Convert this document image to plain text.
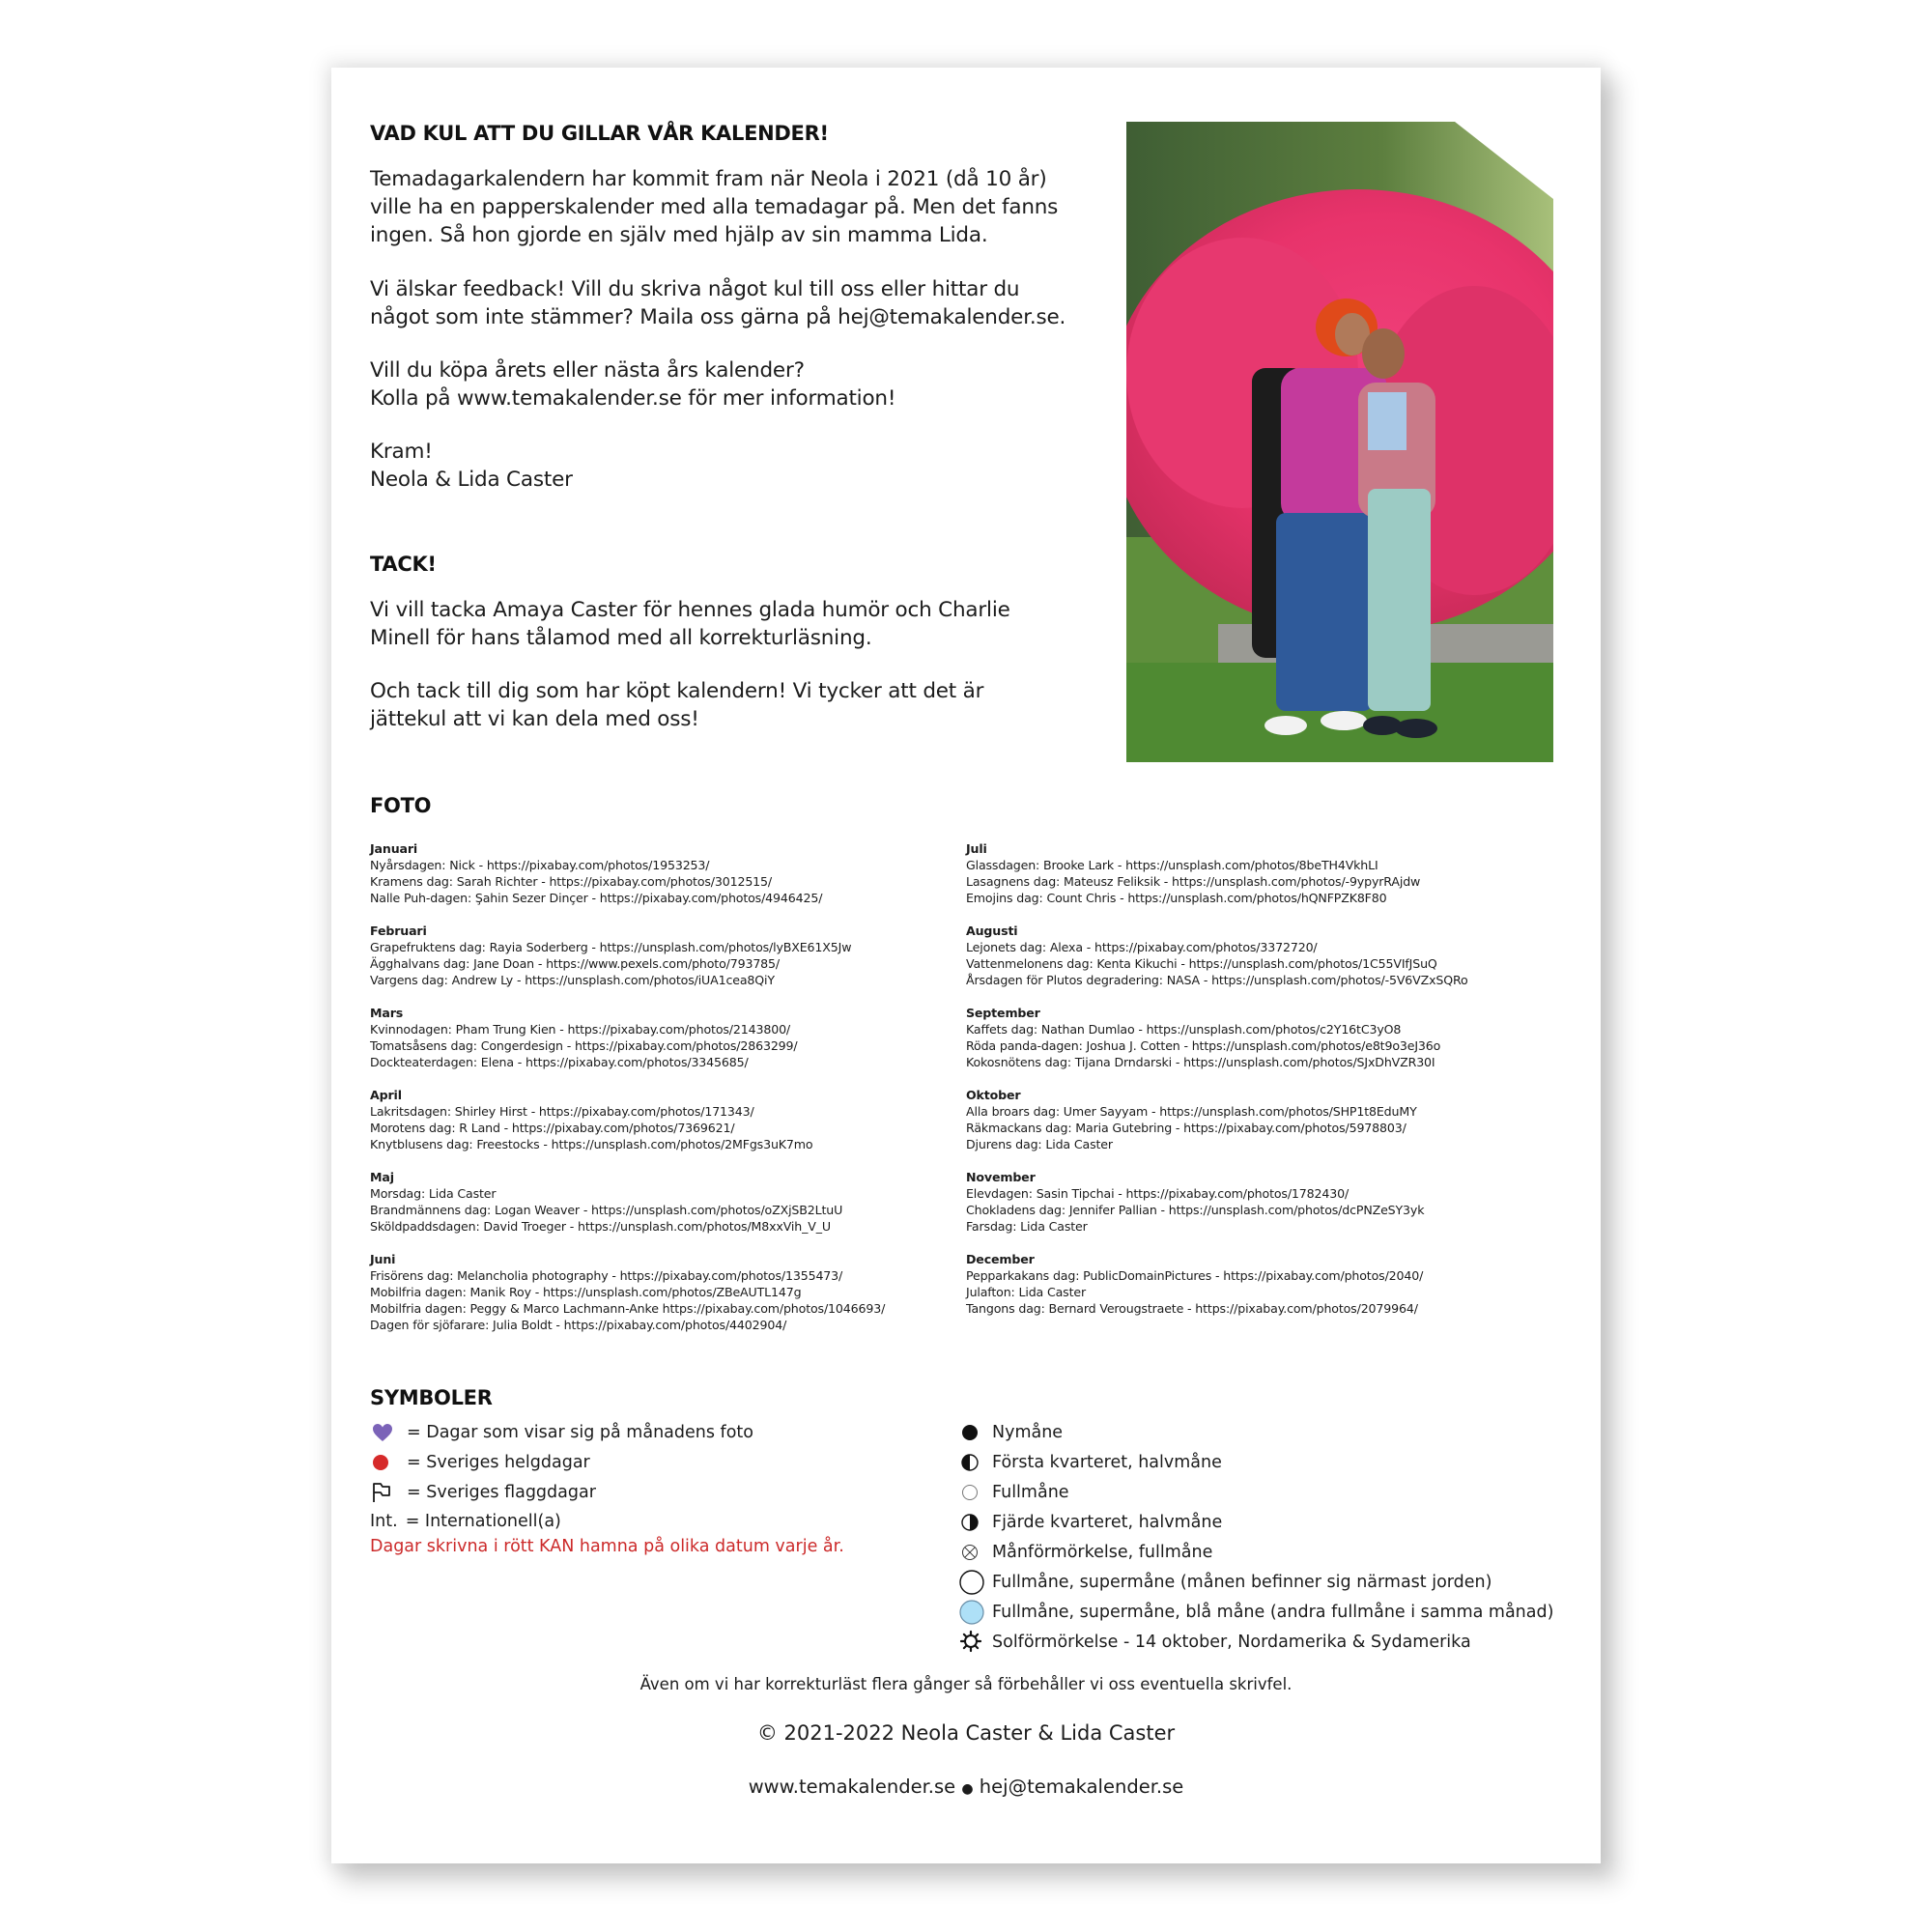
VAD KUL ATT DU GILLAR VÅR KALENDER!
Temadagarkalendern har kommit fram när Neola i 2021 (då 10 år)
ville ha en papperskalender med alla temadagar på. Men det fanns
ingen. Så hon gjorde en själv med hjälp av sin mamma Lida.
Vi älskar feedback! Vill du skriva något kul till oss eller hittar du
något som inte stämmer? Maila oss gärna på hej@temakalender.se.
Vill du köpa årets eller nästa års kalender?
Kolla på www.temakalender.se för mer information!
Kram!
Neola & Lida Caster
TACK!
Vi vill tacka Amaya Caster för hennes glada humör och Charlie
Minell för hans tålamod med all korrekturläsning.
Och tack till dig som har köpt kalendern! Vi tycker att det är
jättekul att vi kan dela med oss!
FOTO
Januari
Nyårsdagen: Nick - https://pixabay.com/photos/1953253/
Kramens dag: Sarah Richter - https://pixabay.com/photos/3012515/
Nalle Puh-dagen: Şahin Sezer Dinçer - https://pixabay.com/photos/4946425/
Februari
Grapefruktens dag: Rayia Soderberg - https://unsplash.com/photos/lyBXE61X5Jw
Ägghalvans dag: Jane Doan - https://www.pexels.com/photo/793785/
Vargens dag: Andrew Ly - https://unsplash.com/photos/iUA1cea8QiY
Mars
Kvinnodagen: Pham Trung Kien - https://pixabay.com/photos/2143800/
Tomatsåsens dag: Congerdesign - https://pixabay.com/photos/2863299/
Dockteaterdagen: Elena - https://pixabay.com/photos/3345685/
April
Lakritsdagen: Shirley Hirst - https://pixabay.com/photos/171343/
Morotens dag: R Land - https://pixabay.com/photos/7369621/
Knytblusens dag: Freestocks - https://unsplash.com/photos/2MFgs3uK7mo
Maj
Morsdag: Lida Caster
Brandmännens dag: Logan Weaver - https://unsplash.com/photos/oZXjSB2LtuU
Sköldpaddsdagen: David Troeger - https://unsplash.com/photos/M8xxVih_V_U
Juni
Frisörens dag: Melancholia photography - https://pixabay.com/photos/1355473/
Mobilfria dagen: Manik Roy - https://unsplash.com/photos/ZBeAUTL147g
Mobilfria dagen: Peggy & Marco Lachmann-Anke https://pixabay.com/photos/1046693/
Dagen för sjöfarare: Julia Boldt - https://pixabay.com/photos/4402904/
Juli
Glassdagen: Brooke Lark - https://unsplash.com/photos/8beTH4VkhLI
Lasagnens dag: Mateusz Feliksik - https://unsplash.com/photos/-9ypyrRAjdw
Emojins dag: Count Chris - https://unsplash.com/photos/hQNFPZK8F80
Augusti
Lejonets dag: Alexa - https://pixabay.com/photos/3372720/
Vattenmelonens dag: Kenta Kikuchi - https://unsplash.com/photos/1C55VIfJSuQ
Årsdagen för Plutos degradering: NASA - https://unsplash.com/photos/-5V6VZxSQRo
September
Kaffets dag: Nathan Dumlao - https://unsplash.com/photos/c2Y16tC3yO8
Röda panda-dagen: Joshua J. Cotten - https://unsplash.com/photos/e8t9o3eJ36o
Kokosnötens dag: Tijana Drndarski - https://unsplash.com/photos/SJxDhVZR30I
Oktober
Alla broars dag: Umer Sayyam - https://unsplash.com/photos/SHP1t8EduMY
Räkmackans dag: Maria Gutebring - https://pixabay.com/photos/5978803/
Djurens dag: Lida Caster
November
Elevdagen: Sasin Tipchai - https://pixabay.com/photos/1782430/
Chokladens dag: Jennifer Pallian - https://unsplash.com/photos/dcPNZeSY3yk
Farsdag: Lida Caster
December
Pepparkakans dag: PublicDomainPictures - https://pixabay.com/photos/2040/
Julafton: Lida Caster
Tangons dag: Bernard Verougstraete - https://pixabay.com/photos/2079964/
SYMBOLER
= Dagar som visar sig på månadens foto
= Sveriges helgdagar
= Sveriges flaggdagar
Int. = Internationell(a)
Dagar skrivna i rött KAN hamna på olika datum varje år.
Nymåne
Första kvarteret, halvmåne
Fullmåne
Fjärde kvarteret, halvmåne
Månförmörkelse, fullmåne
Fullmåne, supermåne (månen befinner sig närmast jorden)
Fullmåne, supermåne, blå måne (andra fullmåne i samma månad)
Solförmörkelse - 14 oktober, Nordamerika & Sydamerika
Även om vi har korrekturläst flera gånger så förbehåller vi oss eventuella skrivfel.
© 2021-2022 Neola Caster & Lida Caster
www.temakalender.se ● hej@temakalender.se
